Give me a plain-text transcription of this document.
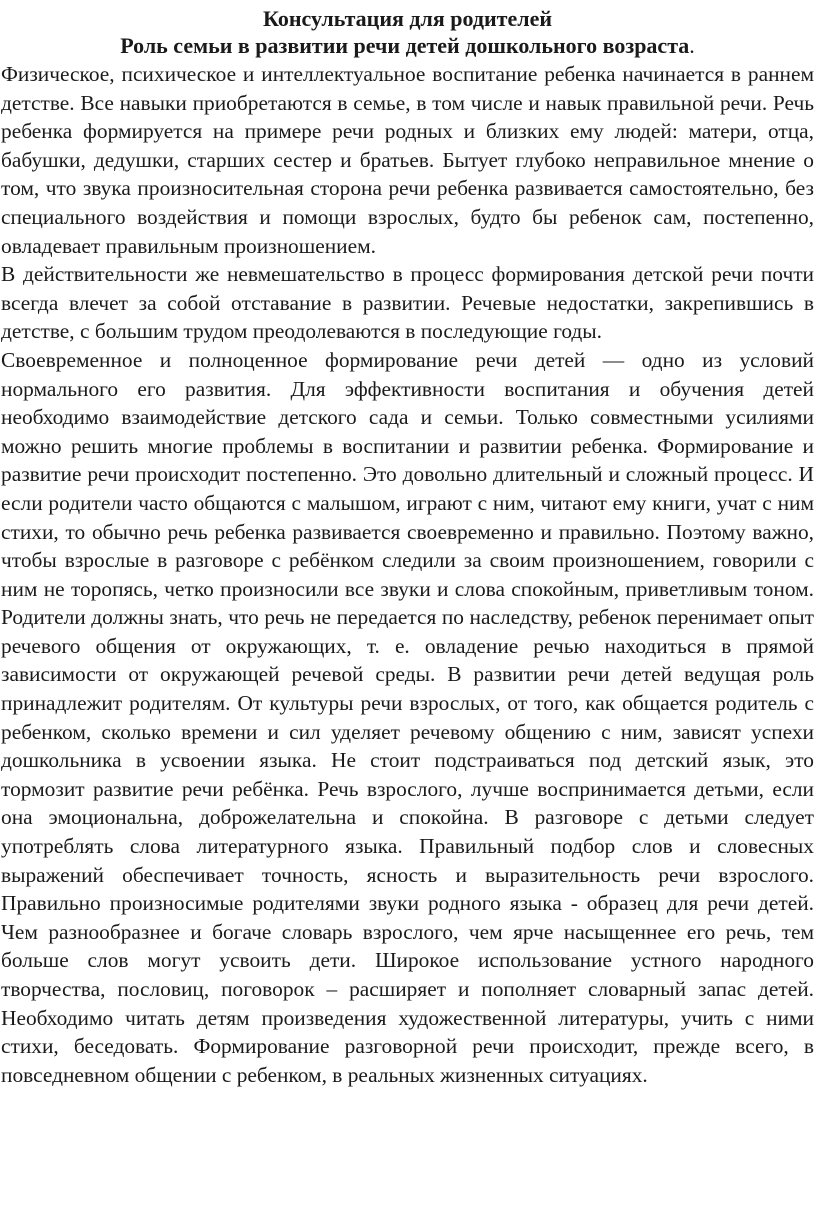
Консультация для родителей
Роль семьи в развитии речи детей дошкольного возраста.

Физическое, психическое и интеллектуальное воспитание ребенка начинается в раннем детстве. Все навыки приобретаются в семье, в том числе и навык правильной речи. Речь ребенка формируется на примере речи родных и близких ему людей: матери, отца, бабушки, дедушки, старших сестер и братьев. Бытует глубоко неправильное мнение о том, что звука произносительная сторона речи ребенка развивается самостоятельно, без специального воздействия и помощи взрослых, будто бы ребенок сам, постепенно, овладевает правильным произношением.

В действительности же невмешательство в процесс формирования детской речи почти всегда влечет за собой отставание в развитии. Речевые недостатки, закрепившись в детстве, с большим трудом преодолеваются в последующие годы.

Своевременное и полноценное формирование речи детей — одно из условий нормального его развития. Для эффективности воспитания и обучения детей необходимо взаимодействие детского сада и семьи. Только совместными усилиями можно решить многие проблемы в воспитании и развитии ребенка. Формирование и развитие речи происходит постепенно. Это довольно длительный и сложный процесс. И если родители часто общаются с малышом, играют с ним, читают ему книги, учат с ним стихи, то обычно речь ребенка развивается своевременно и правильно. Поэтому важно, чтобы взрослые в разговоре с ребёнком следили за своим произношением, говорили с ним не торопясь, четко произносили все звуки и слова спокойным, приветливым тоном. Родители должны знать, что речь не передается по наследству, ребенок перенимает опыт речевого общения от окружающих, т. е. овладение речью находиться в прямой зависимости от окружающей речевой среды. В развитии речи детей ведущая роль принадлежит родителям. От культуры речи взрослых, от того, как общается родитель с ребенком, сколько времени и сил уделяет речевому общению с ним, зависят успехи дошкольника в усвоении языка. Не стоит подстраиваться под детский язык, это тормозит развитие речи ребёнка. Речь взрослого, лучше воспринимается детьми, если она эмоциональна, доброжелательна и спокойна. В разговоре с детьми следует употреблять слова литературного языка. Правильный подбор слов и словесных выражений обеспечивает точность, ясность и выразительность речи взрослого. Правильно произносимые родителями звуки родного языка - образец для речи детей. Чем разнообразнее и богаче словарь взрослого, чем ярче насыщеннее его речь, тем больше слов могут усвоить дети. Широкое использование устного народного творчества, пословиц, поговорок – расширяет и пополняет словарный запас детей. Необходимо читать детям произведения художественной литературы, учить с ними стихи, беседовать. Формирование разговорной речи происходит, прежде всего, в повседневном общении с ребенком, в реальных жизненных ситуациях.
